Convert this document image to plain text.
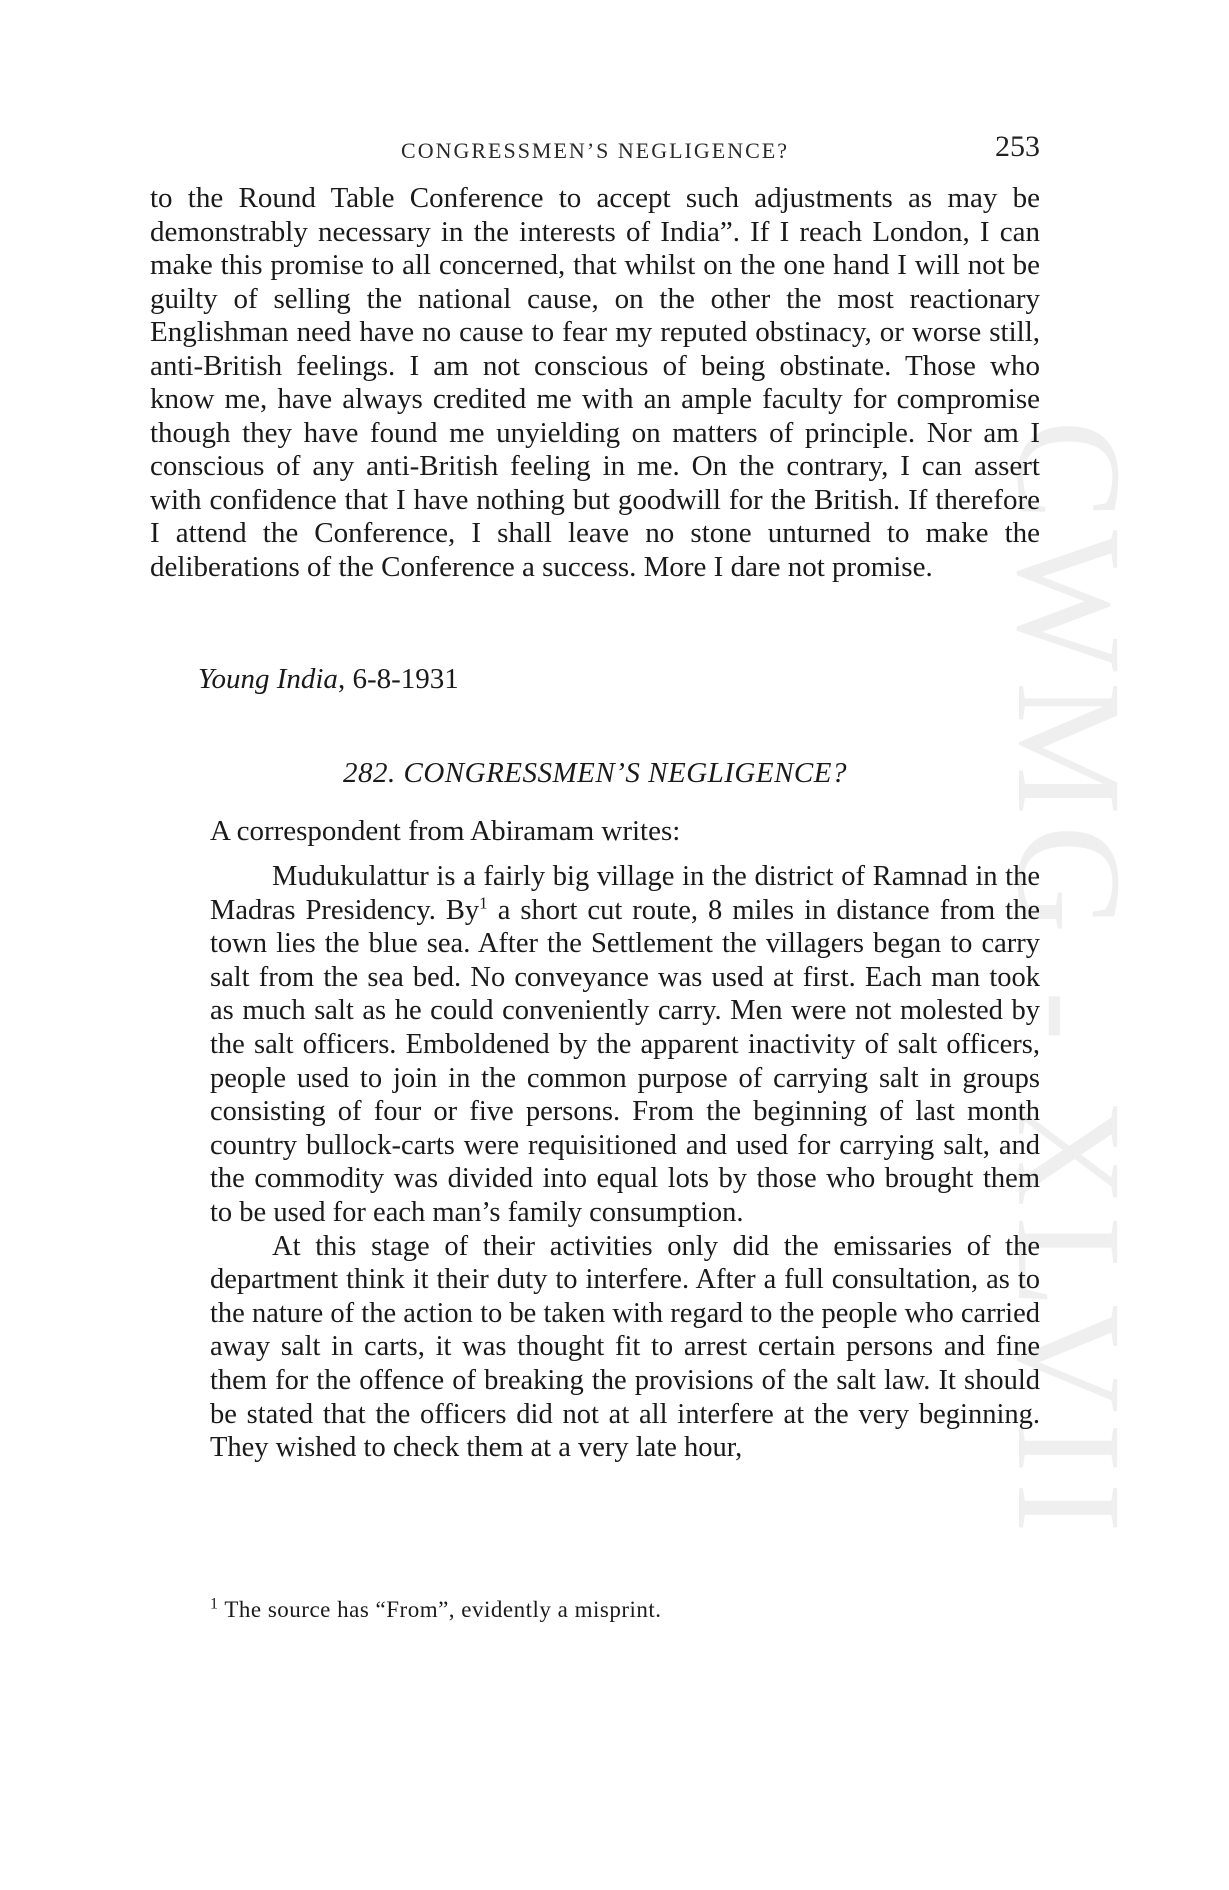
CWMG - XLVII
CONGRESSMEN’S NEGLIGENCE?	253

to the Round Table Conference to accept such adjustments as may be demonstrably necessary in the interests of India”. If I reach London, I can make this promise to all concerned, that whilst on the one hand I will not be guilty of selling the national cause, on the other the most reactionary Englishman need have no cause to fear my reputed obstinacy, or worse still, anti-British feelings. I am not conscious of being obstinate. Those who know me, have always credited me with an ample faculty for compromise though they have found me unyielding on matters of principle. Nor am I conscious of any anti-British feeling in me. On the contrary, I can assert with confidence that I have nothing but goodwill for the British. If therefore I attend the Conference, I shall leave no stone unturned to make the deliberations of the Conference a success. More I dare not promise.

Young India, 6-8-1931
282. CONGRESSMEN’S NEGLIGENCE?
A correspondent from Abiramam writes:

Mudukulattur is a fairly big village in the district of Ramnad in the Madras Presidency. By$^1$ a short cut route, 8 miles in distance from the town lies the blue sea. After the Settlement the villagers began to carry salt from the sea bed. No conveyance was used at first. Each man took as much salt as he could conveniently carry. Men were not molested by the salt officers. Emboldened by the apparent inactivity of salt officers, people used to join in the common purpose of carrying salt in groups consisting of four or five persons. From the beginning of last month country bullock-carts were requisitioned and used for carrying salt, and the commodity was divided into equal lots by those who brought them to be used for each man’s family consumption.

At this stage of their activities only did the emissaries of the department think it their duty to interfere. After a full consultation, as to the nature of the action to be taken with regard to the people who carried away salt in carts, it was thought fit to arrest certain persons and fine them for the offence of breaking the provisions of the salt law. It should be stated that the officers did not at all interfere at the very beginning. They wished to check them at a very late hour,

$^1$ The source has “From”, evidently a misprint.
